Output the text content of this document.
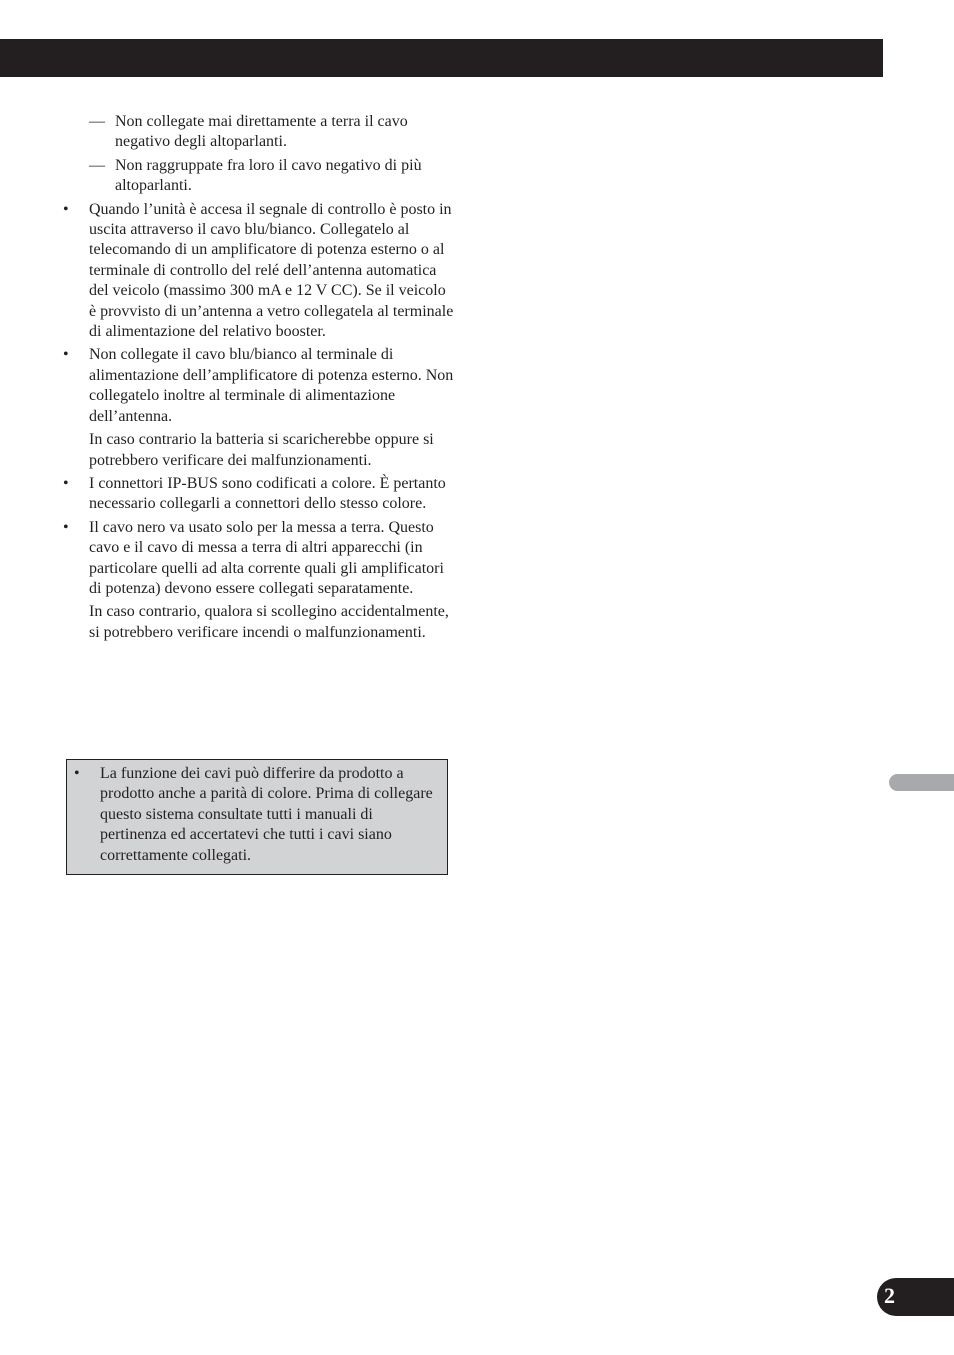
— Non collegate mai direttamente a terra il cavo negativo degli altoparlanti.
— Non raggruppate fra loro il cavo negativo di più altoparlanti.
• Quando l’unità è accesa il segnale di controllo è posto in uscita attraverso il cavo blu/bianco. Collegatelo al telecomando di un amplificatore di potenza esterno o al terminale di controllo del relé dell’antenna automatica del veicolo (massimo 300 mA e 12 V CC). Se il veicolo è provvisto di un’antenna a vetro collegatela al terminale di alimentazione del relativo booster.

• Non collegate il cavo blu/bianco al terminale di alimentazione dell’amplificatore di potenza esterno. Non collegatelo inoltre al terminale di alimentazione dell’antenna.

In caso contrario la batteria si scaricherebbe oppure si potrebbero verificare dei malfunzionamenti.

• I connettori IP-BUS sono codificati a colore. È pertanto necessario collegarli a connettori dello stesso colore.

• Il cavo nero va usato solo per la messa a terra. Questo cavo e il cavo di messa a terra di altri apparecchi (in particolare quelli ad alta corrente quali gli amplificatori di potenza) devono essere collegati separatamente.

In caso contrario, qualora si scollegino accidentalmente, si potrebbero verificare incendi o malfunzionamenti.

• La funzione dei cavi può differire da prodotto a prodotto anche a parità di colore. Prima di collegare questo sistema consultate tutti i manuali di pertinenza ed accertatevi che tutti i cavi siano correttamente collegati.
2
